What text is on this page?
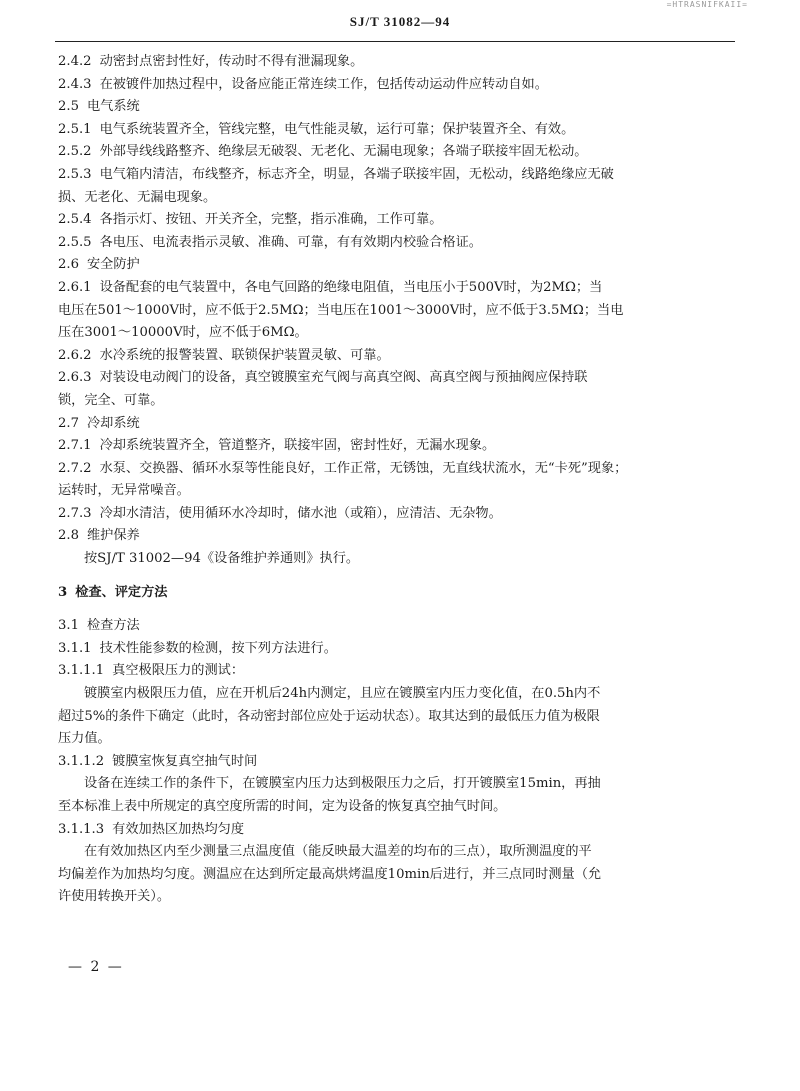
=HTRASNIFKAII=
SJ/T 31082—94
2.4.2 动密封点密封性好，传动时不得有泄漏现象。
2.4.3 在被镀件加热过程中，设备应能正常连续工作，包括传动运动件应转动自如。
2.5 电气系统
2.5.1 电气系统装置齐全，管线完整，电气性能灵敏，运行可靠；保护装置齐全、有效。
2.5.2 外部导线线路整齐、绝缘层无破裂、无老化、无漏电现象；各端子联接牢固无松动。
2.5.3 电气箱内清洁，布线整齐，标志齐全，明显，各端子联接牢固，无松动，线路绝缘应无破
损、无老化、无漏电现象。
2.5.4 各指示灯、按钮、开关齐全，完整，指示准确，工作可靠。
2.5.5 各电压、电流表指示灵敏、准确、可靠，有有效期内校验合格证。
2.6 安全防护
2.6.1 设备配套的电气装置中，各电气回路的绝缘电阻值，当电压小于500V时，为2MΩ；当
电压在501～1000V时，应不低于2.5MΩ；当电压在1001～3000V时，应不低于3.5MΩ；当电
压在3001～10000V时，应不低于6MΩ。
2.6.2 水冷系统的报警装置、联锁保护装置灵敏、可靠。
2.6.3 对装设电动阀门的设备，真空镀膜室充气阀与高真空阀、高真空阀与预抽阀应保持联
锁，完全、可靠。
2.7 冷却系统
2.7.1 冷却系统装置齐全，管道整齐，联接牢固，密封性好，无漏水现象。
2.7.2 水泵、交换器、循环水泵等性能良好，工作正常，无锈蚀，无直线状流水，无“卡死”现象；
运转时，无异常噪音。
2.7.3 冷却水清洁，使用循环水冷却时，储水池（或箱），应清洁、无杂物。
2.8 维护保养
按SJ/T 31002—94《设备维护养通则》执行。
3 检查、评定方法
3.1 检查方法
3.1.1 技术性能参数的检测，按下列方法进行。
3.1.1.1 真空极限压力的测试：
镀膜室内极限压力值，应在开机后24h内测定，且应在镀膜室内压力变化值，在0.5h内不
超过5%的条件下确定（此时，各动密封部位应处于运动状态）。取其达到的最低压力值为极限
压力值。
3.1.1.2 镀膜室恢复真空抽气时间
设备在连续工作的条件下，在镀膜室内压力达到极限压力之后，打开镀膜室15min，再抽
至本标准上表中所规定的真空度所需的时间，定为设备的恢复真空抽气时间。
3.1.1.3 有效加热区加热均匀度
在有效加热区内至少测量三点温度值（能反映最大温差的均布的三点），取所测温度的平
均偏差作为加热均匀度。测温应在达到所定最高烘烤温度10min后进行，并三点同时测量（允
许使用转换开关）。
— 2 —
